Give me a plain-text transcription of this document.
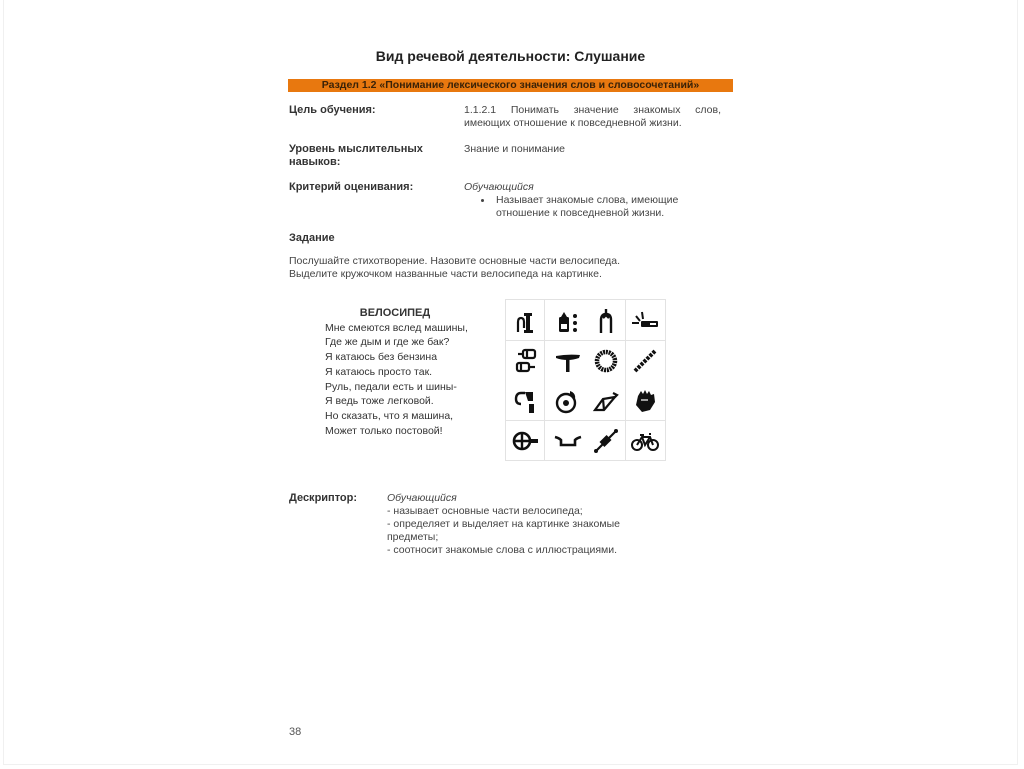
Вид речевой деятельности: Слушание
Раздел 1.2 «Понимание лексического значения слов и словосочетаний»
Цель обучения:	1.1.2.1 Понимать значение знакомых слов, имеющих отношение к повседневной жизни.
Уровень мыслительных навыков:
Знание и понимание
Критерий оценивания:	Обучающийся
Называет знакомые слова, имеющие отношение к повседневной жизни.
Задание
Послушайте стихотворение. Назовите основные части велосипеда.
Выделите кружочком названные части велосипеда на картинке.
ВЕЛОСИПЕД
Мне смеются вслед машины,
Где же дым и где же бак?
Я катаюсь без бензина
Я катаюсь просто так.
Руль, педали есть и шины-
Я ведь тоже легковой.
Но сказать, что я машина,
Может только постовой!
Дескриптор:	Обучающийся
- называет основные части велосипеда;
- определяет и выделяет на картинке знакомые предметы;
- соотносит знакомые слова с иллюстрациями.
38
